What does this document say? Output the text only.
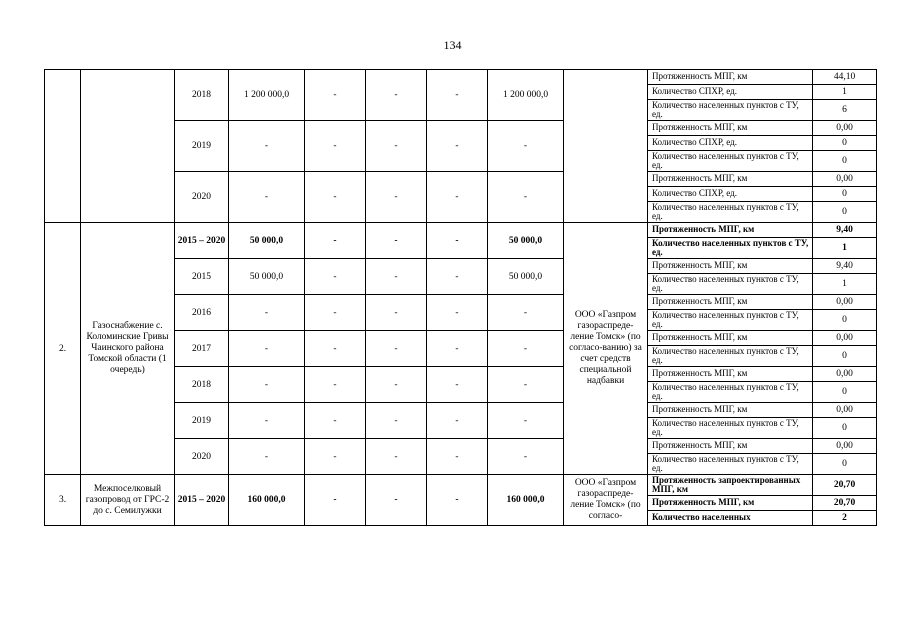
134
		2018	1 200 000,0	-	-	-	1 200 000,0		Протяженность МПГ, км	44,10
									Количество СПХР, ед.	1
									Количество населенных пунктов с ТУ, ед.	6
		2019	-	-	-	-	-		Протяженность МПГ, км	0,00
									Количество СПХР, ед.	0
									Количество населенных пунктов с ТУ, ед.	0
		2020	-	-	-	-	-		Протяженность МПГ, км	0,00
									Количество СПХР, ед.	0
									Количество населенных пунктов с ТУ, ед.	0
2.	Газоснабжение с. Коломинские Гривы Чаинского района Томской области (1 очередь)	2015 – 2020	50 000,0	-	-	-	50 000,0	ООО «Газпром газораспреде-ление Томск» (по согласо-ванию) за счет средств специальной надбавки	Протяженность МПГ, км	9,40
									Количество населенных пунктов с ТУ, ед.	1
		2015	50 000,0	-	-	-	50 000,0		Протяженность МПГ, км	9,40
									Количество населенных пунктов с ТУ, ед.	1
		2016	-	-	-	-	-		Протяженность МПГ, км	0,00
									Количество населенных пунктов с ТУ, ед.	0
		2017	-	-	-	-	-		Протяженность МПГ, км	0,00
									Количество населенных пунктов с ТУ, ед.	0
		2018	-	-	-	-	-		Протяженность МПГ, км	0,00
									Количество населенных пунктов с ТУ, ед.	0
		2019	-	-	-	-	-		Протяженность МПГ, км	0,00
									Количество населенных пунктов с ТУ, ед.	0
		2020	-	-	-	-	-		Протяженность МПГ, км	0,00
									Количество населенных пунктов с ТУ, ед.	0
3.	Межпоселковый газопровод от ГРС-2 до с. Семилужки	2015 – 2020	160 000,0	-	-	-	160 000,0	ООО «Газпром газораспреде-ление Томск» (по согласо-	Протяженность запроектированных МПГ, км	20,70
									Протяженность МПГ, км	20,70
									Количество населенных	2
